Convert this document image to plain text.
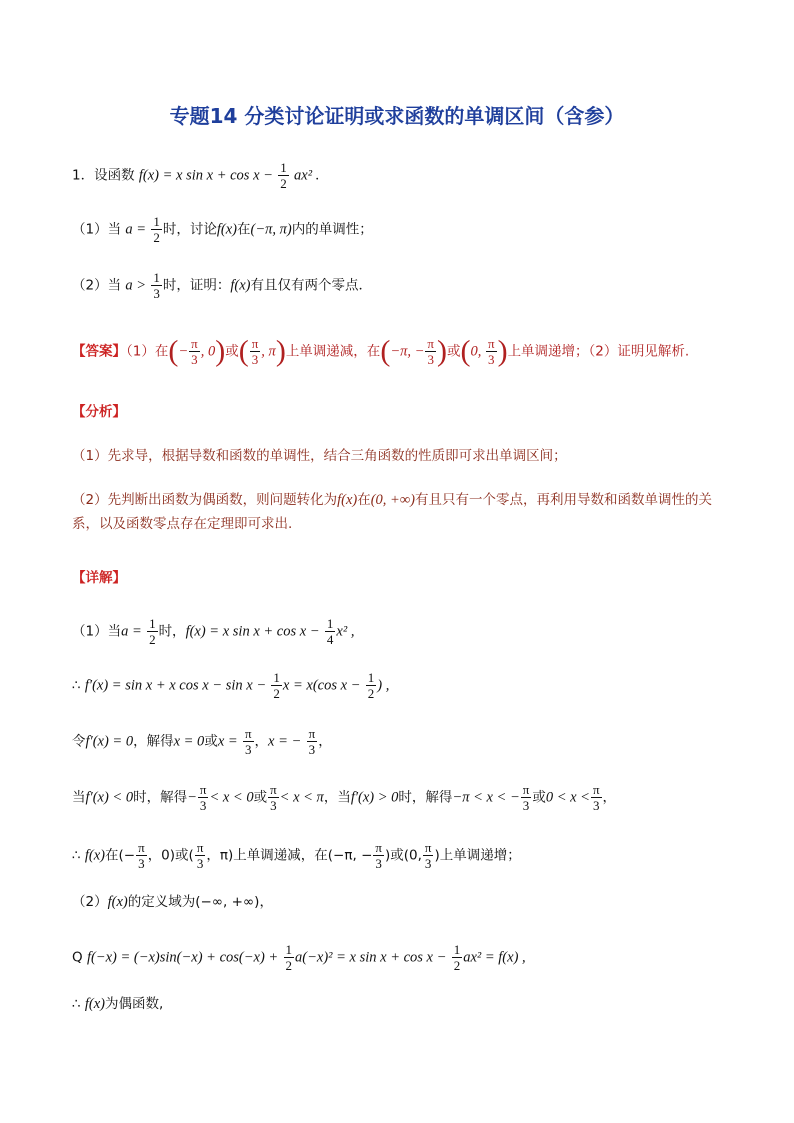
专题14 分类讨论证明或求函数的单调区间（含参）
1．设函数 f(x) = x $\sin x + \cos x - \frac{1}{2} ax^2$ .
（1）当 $a = \frac{1}{2}$ 时，讨论f(x)在(−π, π)内的单调性；
（2）当 $a > \frac{1}{3}$ 时，证明：f(x)有且仅有两个零点．
【答案】（1）在(− $\frac{\pi}{3}$ , 0)或( $\frac{\pi}{3}$ , π)上单调递减，在(−π, − $\frac{\pi}{3}$ )或(0, $\frac{\pi}{3}$ )上单调递增；（2）证明见解析.
【分析】
（1）先求导，根据导数和函数的单调性，结合三角函数的性质即可求出单调区间；
（2）先判断出函数为偶函数，则问题转化为f(x)在(0, +∞)有且只有一个零点，再利用导数和函数单调性的关系，以及函数零点存在定理即可求出.
【详解】
（1）当$a = \frac{1}{2}$ 时，f(x) = x $\sin x + \cos x - \frac{1}{4} x^2$ ,
∴ f′(x) = sin x + x $\cos x - \sin x - \frac{1}{2}$ x = x(cos $x - \frac{1}{2}$ ) ,
令f′(x) = 0，解得x = 0或$x = \frac{\pi}{3}$ ，x = − $\frac{\pi}{3}$ ，
当f′(x) < 0时，解得− $\frac{\pi}{3} < x < 0$或 $\frac{\pi}{3} < x < \pi$，当f′(x) > 0时，解得−π < x < − $\frac{\pi}{3}$ 或$0 < x < \frac{\pi}{3}$ ，
∴ f(x)在(− $\frac{\pi}{3}$ ，0)或( $\frac{\pi}{3}$ ，π)上单调递减，在(−π, − $\frac{\pi}{3}$ )或(0, $\frac{\pi}{3}$ )上单调递增；
（2）f(x)的定义域为(−∞, +∞)，
Q $f(-x) = (-x)\sin(-x) + \cos(-x) + \frac{1}{2} a(-x)^2 = x$ $\sin x + \cos x - \frac{1}{2} ax^2 = f(x)$ ,
∴ f(x)为偶函数,
